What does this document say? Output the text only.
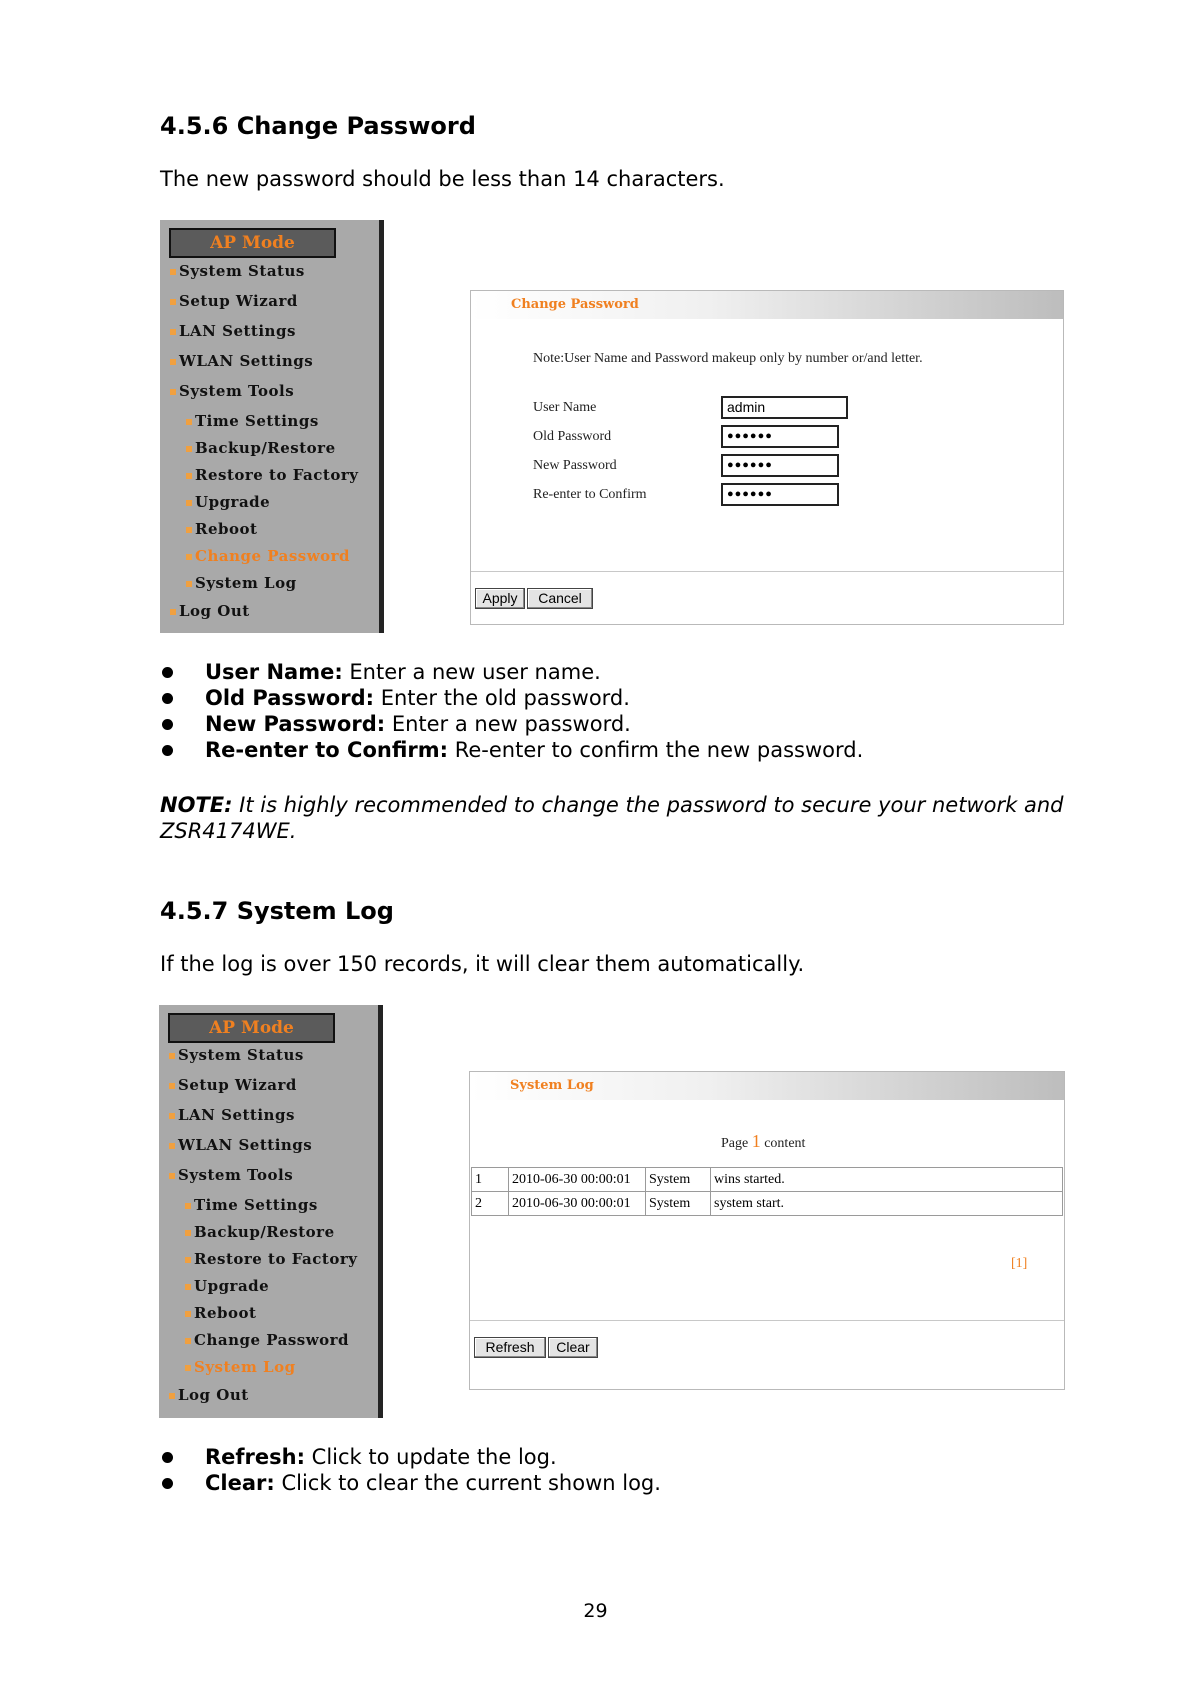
4.5.6 Change Password
The new password should be less than 14 characters.
AP Mode
System Status
Setup Wizard
LAN Settings
WLAN Settings
System Tools
Time Settings
Backup/Restore
Restore to Factory
Upgrade
Reboot
Change Password
System Log
Log Out
Change Password
Note:User Name and Password makeup only by number or/and letter.
User Name	admin
Old Password	●●●●●●
New Password	●●●●●●
Re-enter to Confirm	●●●●●●
Apply	Cancel
User Name: Enter a new user name.
Old Password: Enter the old password.
New Password: Enter a new password.
Re-enter to Confirm: Re-enter to confirm the new password.
NOTE: It is highly recommended to change the password to secure your network and
ZSR4174WE.
4.5.7 System Log
If the log is over 150 records, it will clear them automatically.
AP Mode
System Status
Setup Wizard
LAN Settings
WLAN Settings
System Tools
Time Settings
Backup/Restore
Restore to Factory
Upgrade
Reboot
Change Password
System Log
Log Out
System Log
Page 1 content
1	2010-06-30 00:00:01	System	wins started.
2	2010-06-30 00:00:01	System	system start.
[1]
Refresh	Clear
Refresh: Click to update the log.
Clear: Click to clear the current shown log.
29
